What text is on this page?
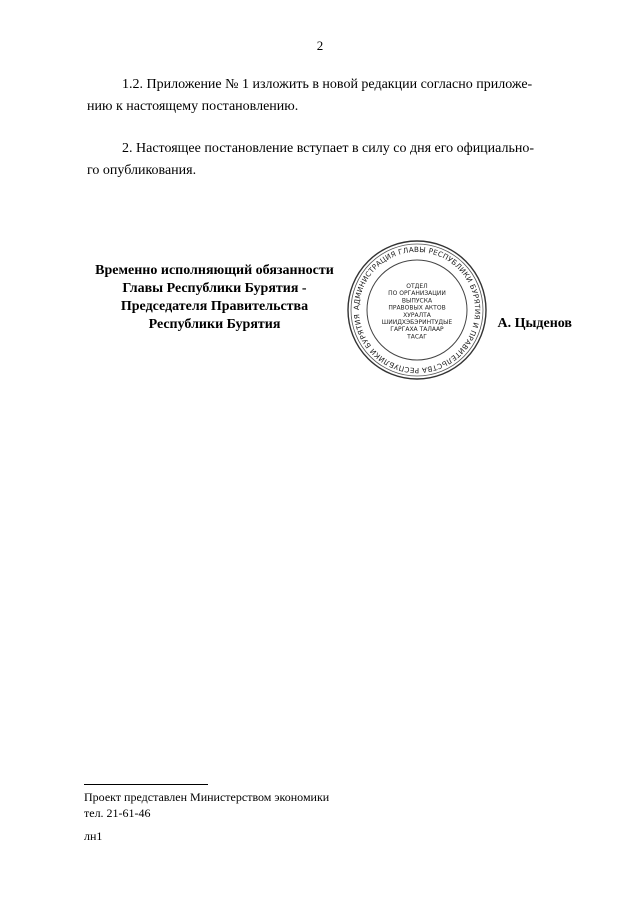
2
1.2. Приложение № 1 изложить в новой редакции согласно приложе-
нию к настоящему постановлению.
2. Настоящее постановление вступает в силу со дня его официально-
го опубликования.
Временно исполняющий обязанности
Главы Республики Бурятия -
Председателя Правительства
Республики Бурятия
АДМИНИСТРАЦИЯ ГЛАВЫ РЕСПУБЛИКИ БУРЯТИЯ И ПРАВИТЕЛЬСТВА РЕСПУБЛИКИ БУРЯТИЯ
ОТДЕЛ
ПО ОРГАНИЗАЦИИ
ВЫПУСКА
ПРАВОВЫХ АКТОВ
ХУРАЛТА
ШИИДХЭБЭРИНТУДЫЕ
ГАРГАХА ТАЛААР
ТАСАГ
А. Цыденов
Проект представлен Министерством экономики
тел. 21-61-46
лн1
